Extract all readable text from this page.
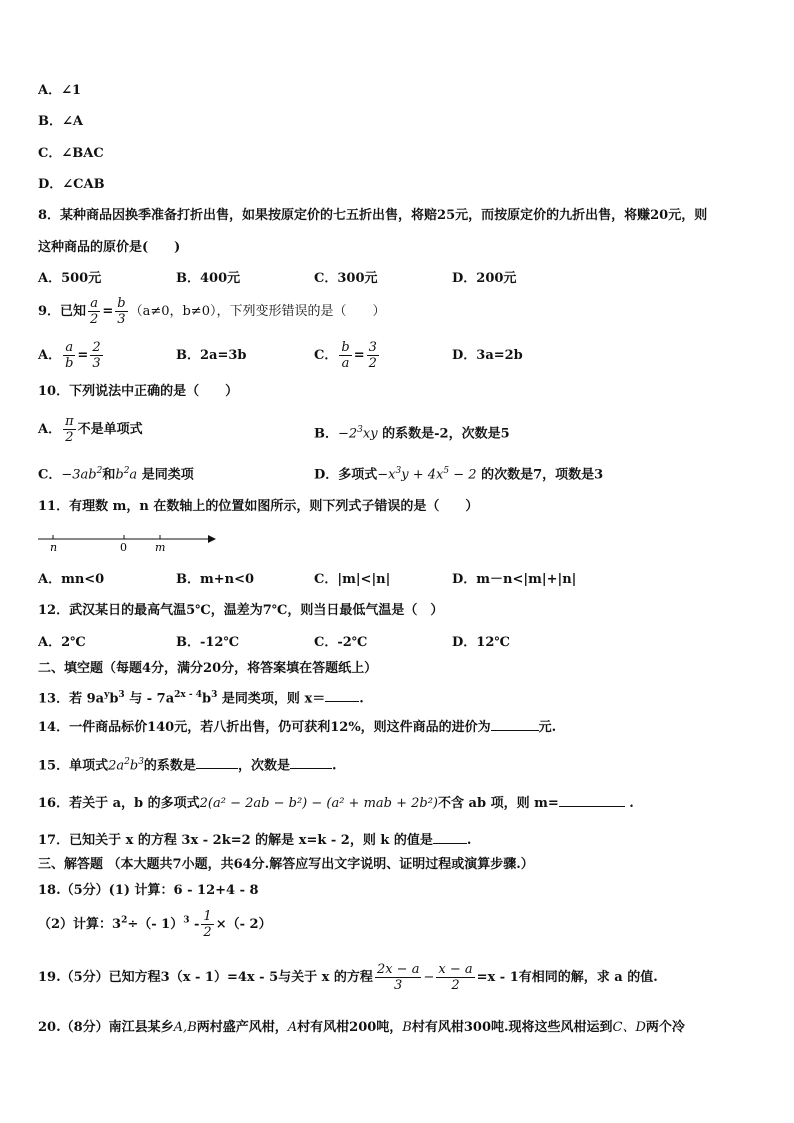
A．∠1
B．∠A
C．∠BAC
D．∠CAB
8．某种商品因换季准备打折出售，如果按原定价的七五折出售，将赔25元，而按原定价的九折出售，将赚20元，则
这种商品的原价是(　　)
A．500元	B．400元	C．300元	D．200元
9．已知 $\frac{a}{2} = \frac{b}{3} (a\ne 0$，b≠0），下列变形错误的是（　　）
A． $\frac{a}{b} = \frac{2}{3}$	B．2a=3b	C． $\frac{b}{a} = \frac{3}{2}$	D．3a=2b
10．下列说法中正确的是（　　）
A． $\frac{\pi}{2}$ 不是单项式	B．$-2^3xy$ 的系数是-2，次数是5
C．$-3ab^2$和$b^2a$ 是同类项	D．多项式$-x^3y + 4x^5 - 2$ 的次数是7，项数是3
11．有理数 m，n 在数轴上的位置如图所示，则下列式子错误的是（　　）
n	0	m
A．mn<0	B．m+n<0	C．|m|<|n|	D．m－n<|m|+|n|
12．武汉某日的最高气温5℃，温差为7℃，则当日最低气温是（　）
A．2℃	B．-12℃	C．-2℃	D．12℃
二、填空题（每题4分，满分20分，将答案填在答题纸上）
13．若 $9a^yb^3$ 与 - $7a^{2x - 4}b^3$ 是同类项，则 x＝	.
14．一件商品标价140元，若八折出售，仍可获利12%，则这件商品的进价为	元.
15．单项式$2a^2b^3$的系数是	，次数是	.
16．若关于 a，b 的多项式2(a² − 2ab − b²) − (a² + mab + 2b²)不含 ab 项，则 m=	.
17．已知关于 x 的方程 3x - 2k=2 的解是 x=k - 2，则 k 的值是	.
三、解答题 （本大题共7小题，共64分.解答应写出文字说明、证明过程或演算步骤.）
18.（5分）(1) 计算：6 - 12+4 - 8
（2）计算：$3^2\div(-$ $1)^3 - \frac{1}{2}$ ×（- 2）
19.（5分）已知方程3（x - 1）=4x - 5与关于 x 的方程 $\frac{2x - a}{3} - \frac{x - a}{2} =x - 1$有相同的解，求 a 的值.
20.（8分）南江县某乡A,B两村盛产风柑，A村有风柑200吨，B村有风柑300吨.现将这些风柑运到C、D两个冷
